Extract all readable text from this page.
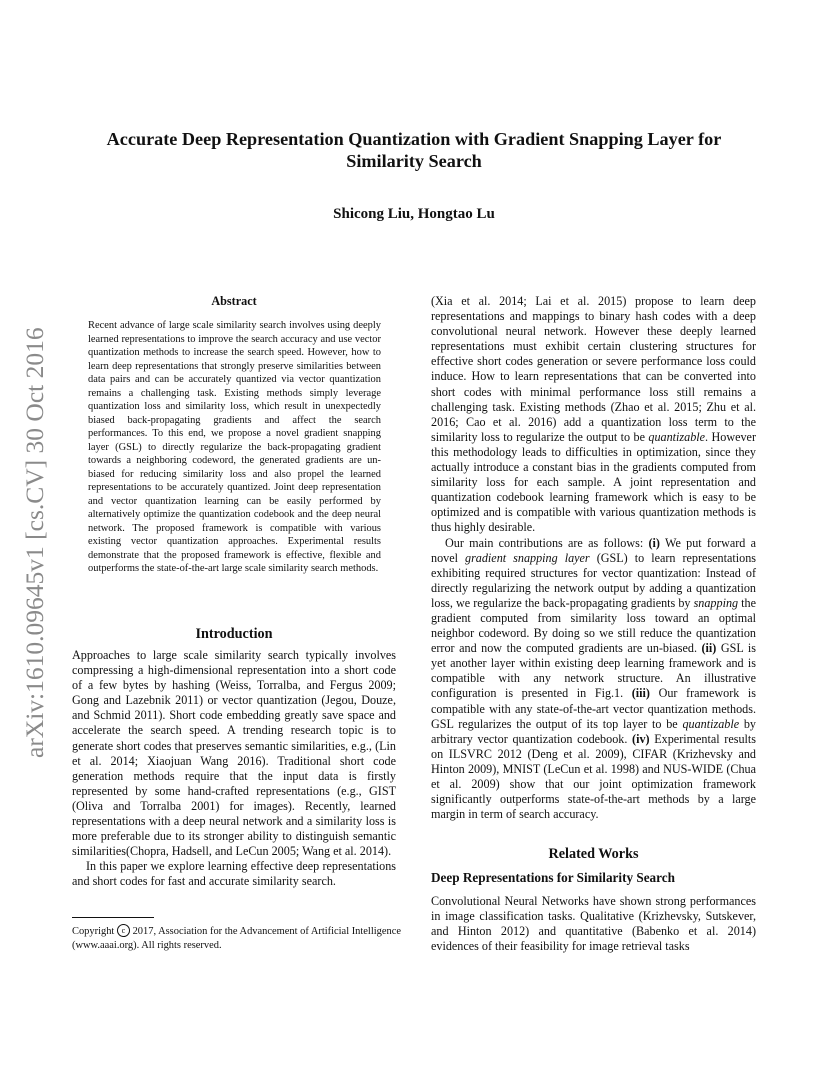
Accurate Deep Representation Quantization with Gradient Snapping Layer for
Similarity Search
Shicong Liu, Hongtao Lu
arXiv:1610.09645v1 [cs.CV] 30 Oct 2016
Abstract
Recent advance of large scale similarity search involves using deeply learned representations to improve the search accuracy and use vector quantization methods to increase the search speed. However, how to learn deep representations that strongly preserve similarities between data pairs and can be accurately quantized via vector quantization remains a challenging task. Existing methods simply leverage quantization loss and similarity loss, which result in unexpectedly biased back-propagating gradients and affect the search performances. To this end, we propose a novel gradient snapping layer (GSL) to directly regularize the back-propagating gradient towards a neighboring codeword, the generated gradients are un-biased for reducing similarity loss and also propel the learned representations to be accurately quantized. Joint deep representation and vector quantization learning can be easily performed by alternatively optimize the quantization codebook and the deep neural network. The proposed framework is compatible with various existing vector quantization approaches. Experimental results demonstrate that the proposed framework is effective, flexible and outperforms the state-of-the-art large scale similarity search methods.
Introduction

Approaches to large scale similarity search typically involves compressing a high-dimensional representation into a short code of a few bytes by hashing (Weiss, Torralba, and Fergus 2009; Gong and Lazebnik 2011) or vector quantization (Jegou, Douze, and Schmid 2011). Short code embedding greatly save space and accelerate the search speed. A trending research topic is to generate short codes that preserves semantic similarities, e.g., (Lin et al. 2014; Xiaojuan Wang 2016). Traditional short code generation methods require that the input data is firstly represented by some hand-crafted representations (e.g., GIST (Oliva and Torralba 2001) for images). Recently, learned representations with a deep neural network and a similarity loss is more preferable due to its stronger ability to distinguish semantic similarities(Chopra, Hadsell, and LeCun 2005; Wang et al. 2014).

In this paper we explore learning effective deep representations and short codes for fast and accurate similarity search.

Copyright c 2017, Association for the Advancement of Artificial Intelligence (www.aaai.org). All rights reserved.

(Xia et al. 2014; Lai et al. 2015) propose to learn deep representations and mappings to binary hash codes with a deep convolutional neural network. However these deeply learned representations must exhibit certain clustering structures for effective short codes generation or severe performance loss could induce. How to learn representations that can be converted into short codes with minimal performance loss still remains a challenging task. Existing methods (Zhao et al. 2015; Zhu et al. 2016; Cao et al. 2016) add a quantization loss term to the similarity loss to regularize the output to be quantizable. However this methodology leads to difficulties in optimization, since they actually introduce a constant bias in the gradients computed from similarity loss for each sample. A joint representation and quantization codebook learning framework which is easy to be optimized and is compatible with various quantization methods is thus highly desirable.

Our main contributions are as follows: (i) We put forward a novel gradient snapping layer (GSL) to learn representations exhibiting required structures for vector quantization: Instead of directly regularizing the network output by adding a quantization loss, we regularize the back-propagating gradients by snapping the gradient computed from similarity loss toward an optimal neighbor codeword. By doing so we still reduce the quantization error and now the computed gradients are un-biased. (ii) GSL is yet another layer within existing deep learning framework and is compatible with any network structure. An illustrative configuration is presented in Fig.1. (iii) Our framework is compatible with any state-of-the-art vector quantization methods. GSL regularizes the output of its top layer to be quantizable by arbitrary vector quantization codebook. (iv) Experimental results on ILSVRC 2012 (Deng et al. 2009), CIFAR (Krizhevsky and Hinton 2009), MNIST (LeCun et al. 1998) and NUS-WIDE (Chua et al. 2009) show that our joint optimization framework significantly outperforms state-of-the-art methods by a large margin in term of search accuracy.

Related Works
Deep Representations for Similarity Search

Convolutional Neural Networks have shown strong performances in image classification tasks. Qualitative (Krizhevsky, Sutskever, and Hinton 2012) and quantitative (Babenko et al. 2014) evidences of their feasibility for image retrieval tasks
